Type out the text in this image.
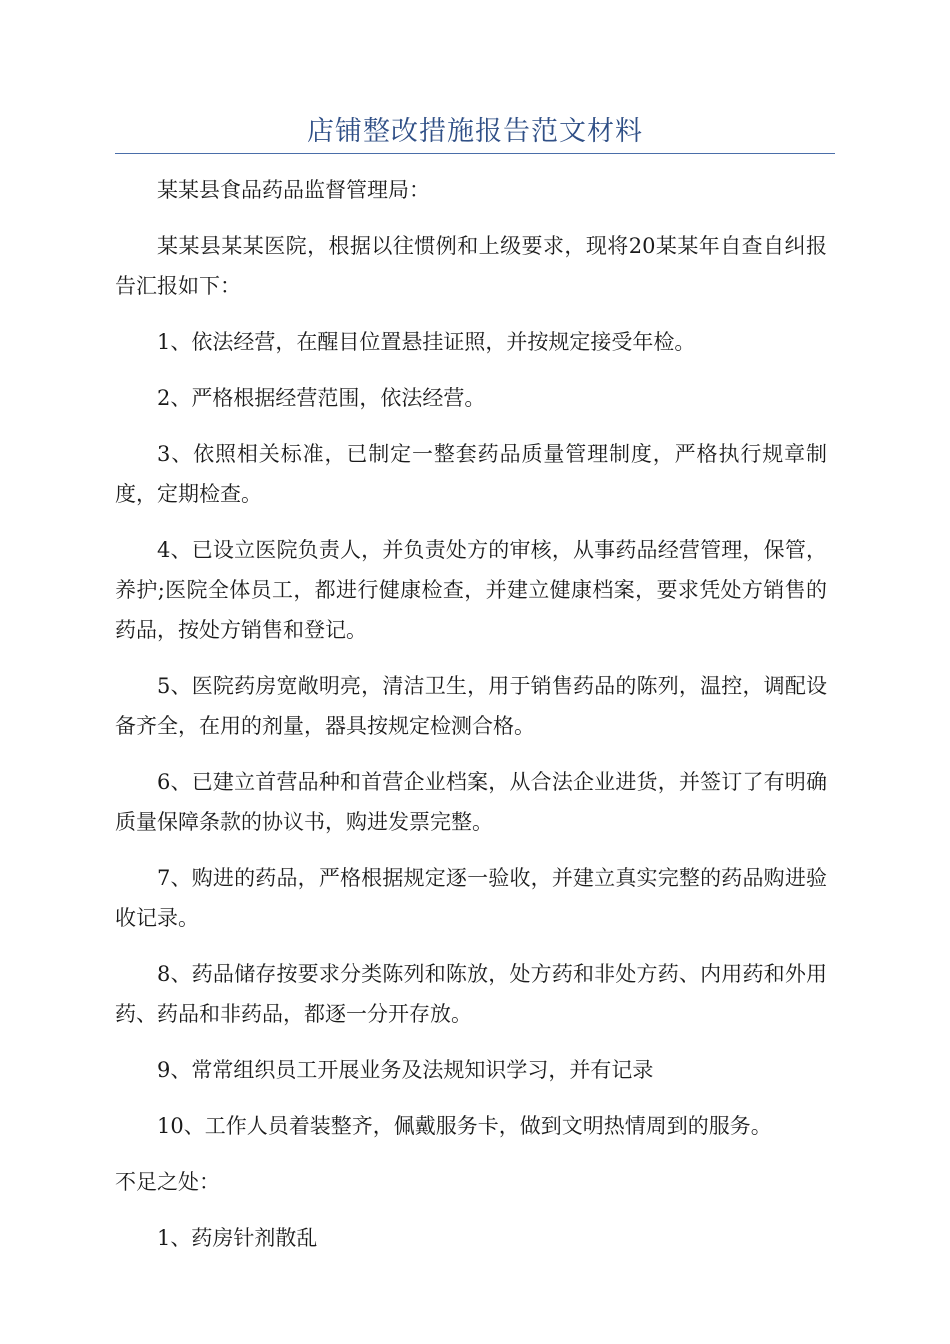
店铺整改措施报告范文材料

某某县食品药品监督管理局：

某某县某某医院，根据以往惯例和上级要求，现将20某某年自查自纠报告汇报如下：

1、依法经营，在醒目位置悬挂证照，并按规定接受年检。

2、严格根据经营范围，依法经营。

3、依照相关标准，已制定一整套药品质量管理制度，严格执行规章制度，定期检查。

4、已设立医院负责人，并负责处方的审核，从事药品经营管理，保管，养护;医院全体员工，都进行健康检查，并建立健康档案，要求凭处方销售的药品，按处方销售和登记。

5、医院药房宽敞明亮，清洁卫生，用于销售药品的陈列，温控，调配设备齐全，在用的剂量，器具按规定检测合格。

6、已建立首营品种和首营企业档案，从合法企业进货，并签订了有明确质量保障条款的协议书，购进发票完整。

7、购进的药品，严格根据规定逐一验收，并建立真实完整的药品购进验收记录。

8、药品储存按要求分类陈列和陈放，处方药和非处方药、内用药和外用药、药品和非药品，都逐一分开存放。

9、常常组织员工开展业务及法规知识学习，并有记录

10、工作人员着装整齐，佩戴服务卡，做到文明热情周到的服务。

不足之处：

1、药房针剂散乱
